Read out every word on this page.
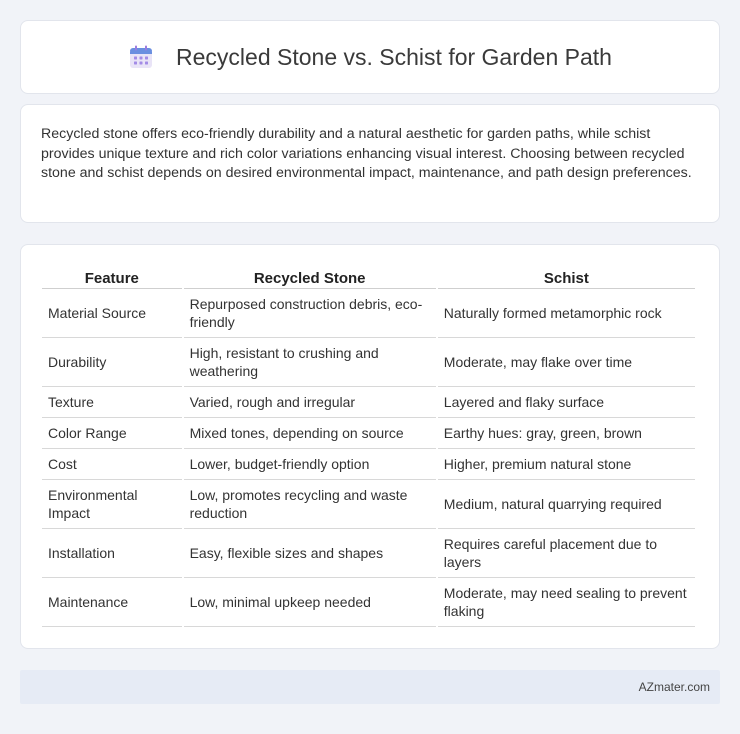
Recycled Stone vs. Schist for Garden Path

Recycled stone offers eco-friendly durability and a natural aesthetic for garden paths, while schist provides unique texture and rich color variations enhancing visual interest. Choosing between recycled stone and schist depends on desired environmental impact, maintenance, and path design preferences.

Feature	Recycled Stone	Schist
Material Source	Repurposed construction debris, eco-friendly	Naturally formed metamorphic rock
Durability	High, resistant to crushing and weathering	Moderate, may flake over time
Texture	Varied, rough and irregular	Layered and flaky surface
Color Range	Mixed tones, depending on source	Earthy hues: gray, green, brown
Cost	Lower, budget-friendly option	Higher, premium natural stone
Environmental Impact	Low, promotes recycling and waste reduction	Medium, natural quarrying required
Installation	Easy, flexible sizes and shapes	Requires careful placement due to layers
Maintenance	Low, minimal upkeep needed	Moderate, may need sealing to prevent flaking
AZmater.com
